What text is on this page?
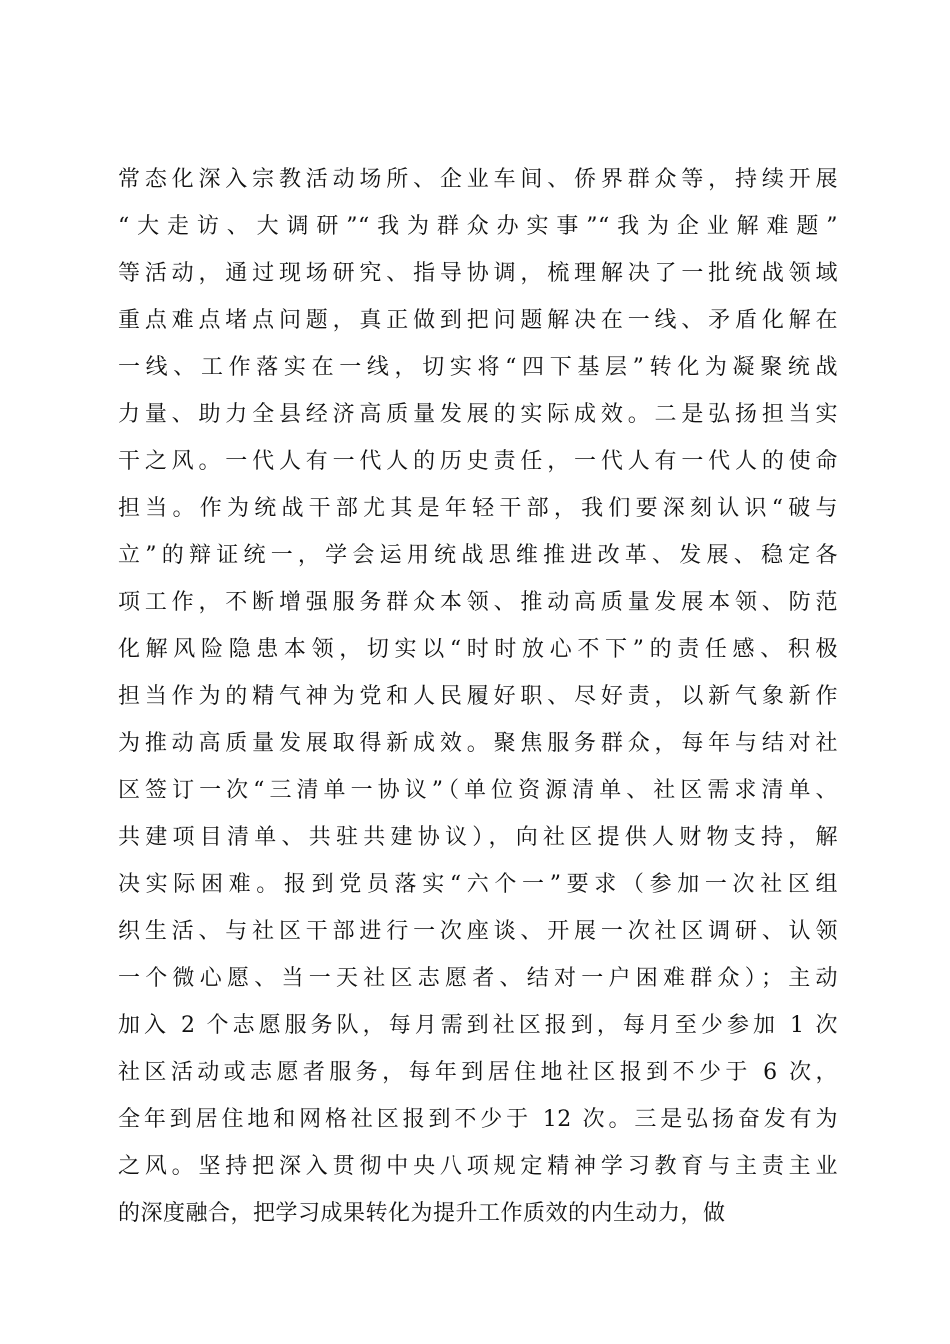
常态化深入宗教活动场所、企业车间、侨界群众等，持续开展
“大走访、大调研”“我为群众办实事”“我为企业解难题”
等活动，通过现场研究、指导协调，梳理解决了一批统战领域
重点难点堵点问题，真正做到把问题解决在一线、矛盾化解在
一线、工作落实在一线，切实将“四下基层”转化为凝聚统战
力量、助力全县经济高质量发展的实际成效。二是弘扬担当实
干之风。一代人有一代人的历史责任，一代人有一代人的使命
担当。作为统战干部尤其是年轻干部，我们要深刻认识“破与
立”的辩证统一，学会运用统战思维推进改革、发展、稳定各
项工作，不断增强服务群众本领、推动高质量发展本领、防范
化解风险隐患本领，切实以“时时放心不下”的责任感、积极
担当作为的精气神为党和人民履好职、尽好责，以新气象新作
为推动高质量发展取得新成效。聚焦服务群众，每年与结对社
区签订一次“三清单一协议”（单位资源清单、社区需求清单、
共建项目清单、共驻共建协议），向社区提供人财物支持，解
决实际困难。报到党员落实“六个一”要求（参加一次社区组
织生活、与社区干部进行一次座谈、开展一次社区调研、认领
一个微心愿、当一天社区志愿者、结对一户困难群众）；主动
加入 2 个志愿服务队，每月需到社区报到，每月至少参加 1 次
社区活动或志愿者服务，每年到居住地社区报到不少于 6 次，
全年到居住地和网格社区报到不少于 12 次。三是弘扬奋发有为
之风。坚持把深入贯彻中央八项规定精神学习教育与主责主业
的深度融合，把学习成果转化为提升工作质效的内生动力，做
